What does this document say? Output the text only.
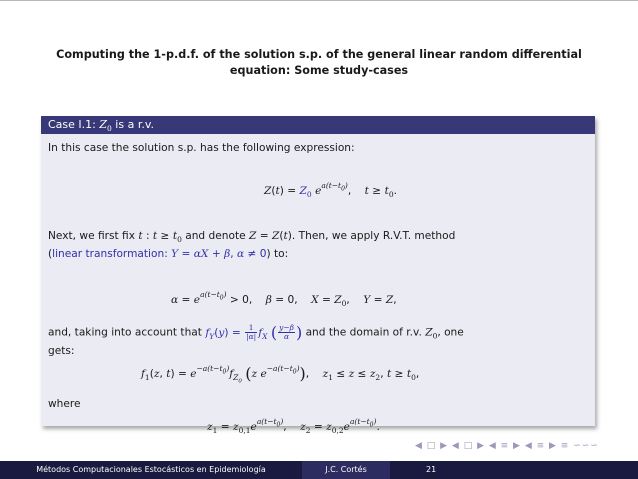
Computing the 1-p.d.f. of the solution s.p. of the general linear random differential
equation: Some study-cases
Case I.1: $Z_0$ is a r.v.
In this case the solution s.p. has the following expression:
$Z(t) = Z_0$ $e^{a(t-t_0)}$,    $t \ge t_0$.
Next, we first fix t : $t \ge t_0$ and denote Z = Z(t). Then, we apply R.V.T. method
(linear transformation: Y = αX + β, α ≠ 0) to:
$\alpha = e^{a(t-t_0)} > 0$,    β = 0,    $X = Z_0$,    Y = Z,
and, taking into account that $f_Y(y) = \frac{1}{|\alpha|} f_X$ ( $\frac{y-\beta}{\alpha}$ ) and the domain of r.v. $Z_0$, one
gets:
$f_1(z$, $t) = e^{-a(t-t_0)}f_{Z_0}$ (z $e^{-a(t-t_0)}$),    $z_1 \le z \le z_2$, $t \ge t_0$,
where
$z_1 = z_{0,1}e^{a(t-t_0)}$,    $z_2 = z_{0,2}e^{a(t-t_0)}$.
◀ □ ▶ ◀ □ ▶ ◀ ≡ ▶ ◀ ≡ ▶ ≡ ∽∽∽
Métodos Computacionales Estocásticos en Epidemiología	J.C. Cortés	21
